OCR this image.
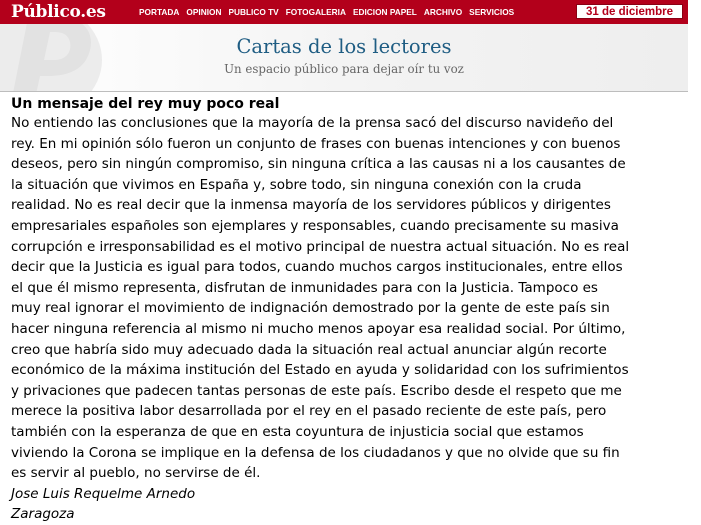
Público.es	PORTADA OPINION PUBLICO TV FOTOGALERIA EDICION PAPEL ARCHIVO SERVICIOS	31 de diciembre
Cartas de los lectores
Un espacio público para dejar oír tu voz
Un mensaje del rey muy poco real
No entiendo las conclusiones que la mayoría de la prensa sacó del discurso navideño del
rey. En mi opinión sólo fueron un conjunto de frases con buenas intenciones y con buenos
deseos, pero sin ningún compromiso, sin ninguna crítica a las causas ni a los causantes de
la situación que vivimos en España y, sobre todo, sin ninguna conexión con la cruda
realidad. No es real decir que la inmensa mayoría de los servidores públicos y dirigentes
empresariales españoles son ejemplares y responsables, cuando precisamente su masiva
corrupción e irresponsabilidad es el motivo principal de nuestra actual situación. No es real
decir que la Justicia es igual para todos, cuando muchos cargos institucionales, entre ellos
el que él mismo representa, disfrutan de inmunidades para con la Justicia. Tampoco es
muy real ignorar el movimiento de indignación demostrado por la gente de este país sin
hacer ninguna referencia al mismo ni mucho menos apoyar esa realidad social. Por último,
creo que habría sido muy adecuado dada la situación real actual anunciar algún recorte
económico de la máxima institución del Estado en ayuda y solidaridad con los sufrimientos
y privaciones que padecen tantas personas de este país. Escribo desde el respeto que me
merece la positiva labor desarrollada por el rey en el pasado reciente de este país, pero
también con la esperanza de que en esta coyuntura de injusticia social que estamos
viviendo la Corona se implique en la defensa de los ciudadanos y que no olvide que su fin
es servir al pueblo, no servirse de él.
Jose Luis Requelme Arnedo
Zaragoza
